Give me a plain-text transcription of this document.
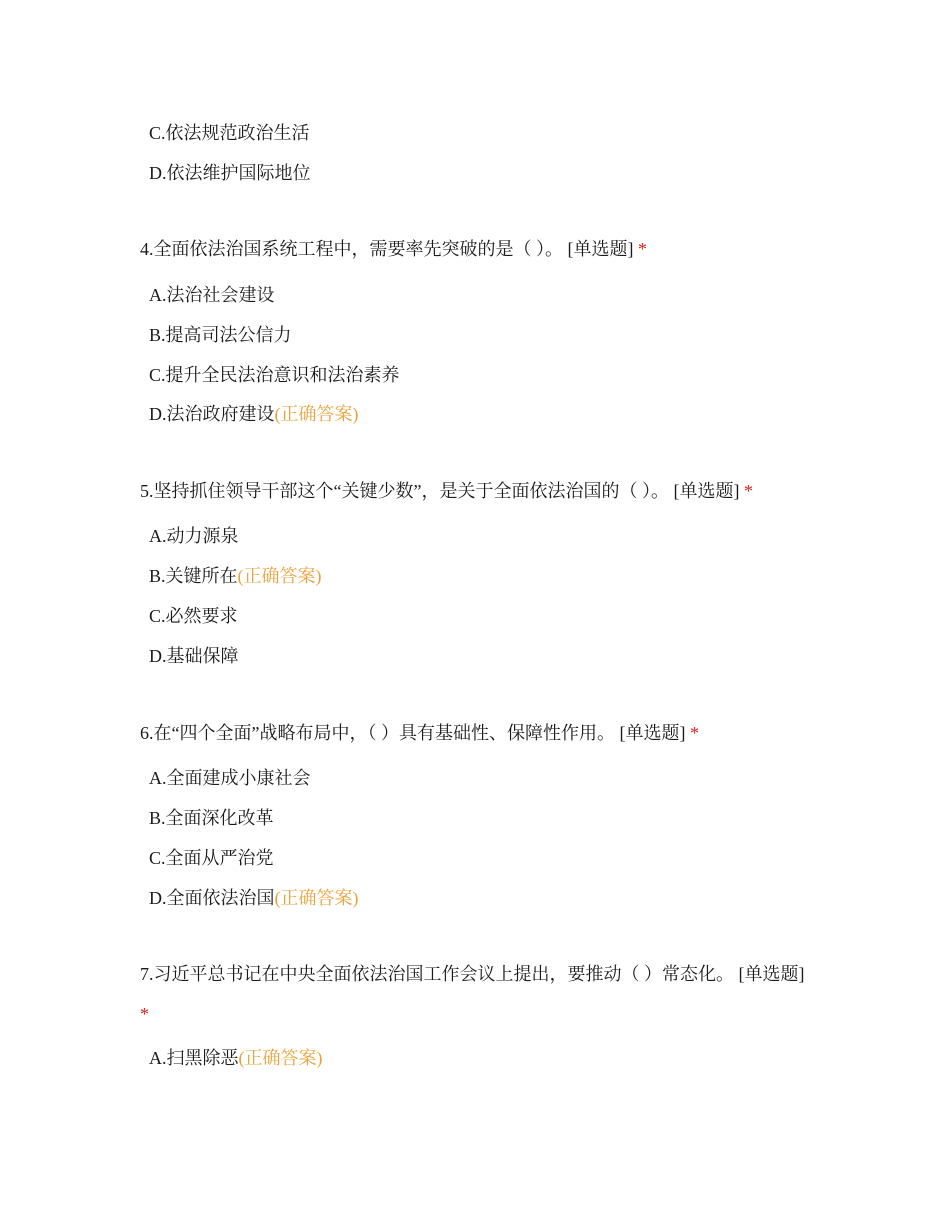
C.依法规范政治生活
D.依法维护国际地位
4.全面依法治国系统工程中，需要率先突破的是（ ）。 [单选题] *
A.法治社会建设
B.提高司法公信力
C.提升全民法治意识和法治素养
D.法治政府建设(正确答案)
5.坚持抓住领导干部这个“关键少数”，是关于全面依法治国的（ ）。 [单选题] *
A.动力源泉
B.关键所在(正确答案)
C.必然要求
D.基础保障
6.在“四个全面”战略布局中，（ ）具有基础性、保障性作用。 [单选题] *
A.全面建成小康社会
B.全面深化改革
C.全面从严治党
D.全面依法治国(正确答案)
7.习近平总书记在中央全面依法治国工作会议上提出，要推动（ ）常态化。 [单选题] *
A.扫黑除恶(正确答案)
